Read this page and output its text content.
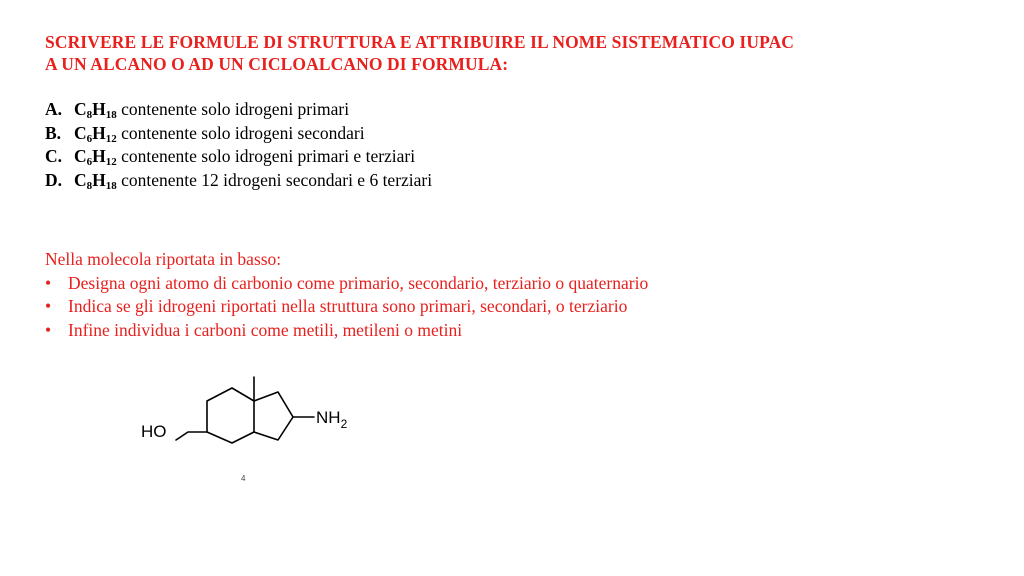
SCRIVERE LE FORMULE DI STRUTTURA E ATTRIBUIRE IL NOME SISTEMATICO IUPAC
A UN ALCANO O AD UN CICLOALCANO DI FORMULA:
A. $C_8H_{18}$ contenente solo idrogeni primari
B. $C_6H_{12}$ contenente solo idrogeni secondari
C. $C_6H_{12}$ contenente solo idrogeni primari e terziari
D. $C_8H_{18}$ contenente 12 idrogeni secondari e 6 terziari
Nella molecola riportata in basso:
• Designa ogni atomo di carbonio come primario, secondario, terziario o quaternario
• Indica se gli idrogeni riportati nella struttura sono primari, secondari, o terziario
• Infine individua i carboni come metili, metileni o metini
HO
$NH_2$
4
